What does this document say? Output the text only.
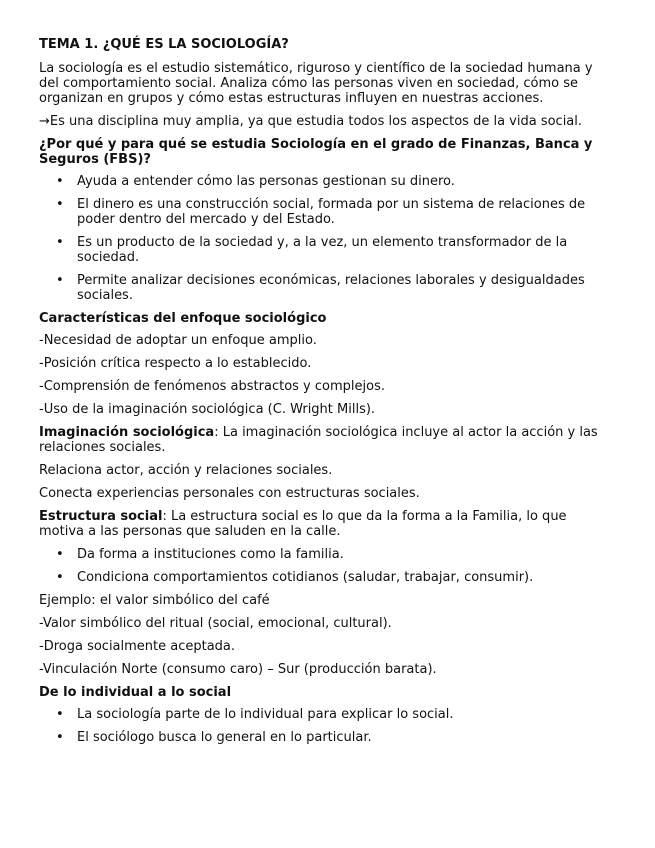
TEMA 1. ¿QUÉ ES LA SOCIOLOGÍA?

La sociología es el estudio sistemático, riguroso y científico de la sociedad humana y del comportamiento social. Analiza cómo las personas viven en sociedad, cómo se organizan en grupos y cómo estas estructuras influyen en nuestras acciones.

→Es una disciplina muy amplia, ya que estudia todos los aspectos de la vida social.

¿Por qué y para qué se estudia Sociología en el grado de Finanzas, Banca y Seguros (FBS)?

• Ayuda a entender cómo las personas gestionan su dinero.
• El dinero es una construcción social, formada por un sistema de relaciones de poder dentro del mercado y del Estado.
• Es un producto de la sociedad y, a la vez, un elemento transformador de la sociedad.
• Permite analizar decisiones económicas, relaciones laborales y desigualdades sociales.

Características del enfoque sociológico

-Necesidad de adoptar un enfoque amplio.

-Posición crítica respecto a lo establecido.

-Comprensión de fenómenos abstractos y complejos.

-Uso de la imaginación sociológica (C. Wright Mills).

Imaginación sociológica: La imaginación sociológica incluye al actor la acción y las relaciones sociales.

Relaciona actor, acción y relaciones sociales.

Conecta experiencias personales con estructuras sociales.

Estructura social: La estructura social es lo que da la forma a la Familia, lo que motiva a las personas que saluden en la calle.

• Da forma a instituciones como la familia.
• Condiciona comportamientos cotidianos (saludar, trabajar, consumir).

Ejemplo: el valor simbólico del café

-Valor simbólico del ritual (social, emocional, cultural).

-Droga socialmente aceptada.

-Vinculación Norte (consumo caro) – Sur (producción barata).

De lo individual a lo social

• La sociología parte de lo individual para explicar lo social.
• El sociólogo busca lo general en lo particular.
